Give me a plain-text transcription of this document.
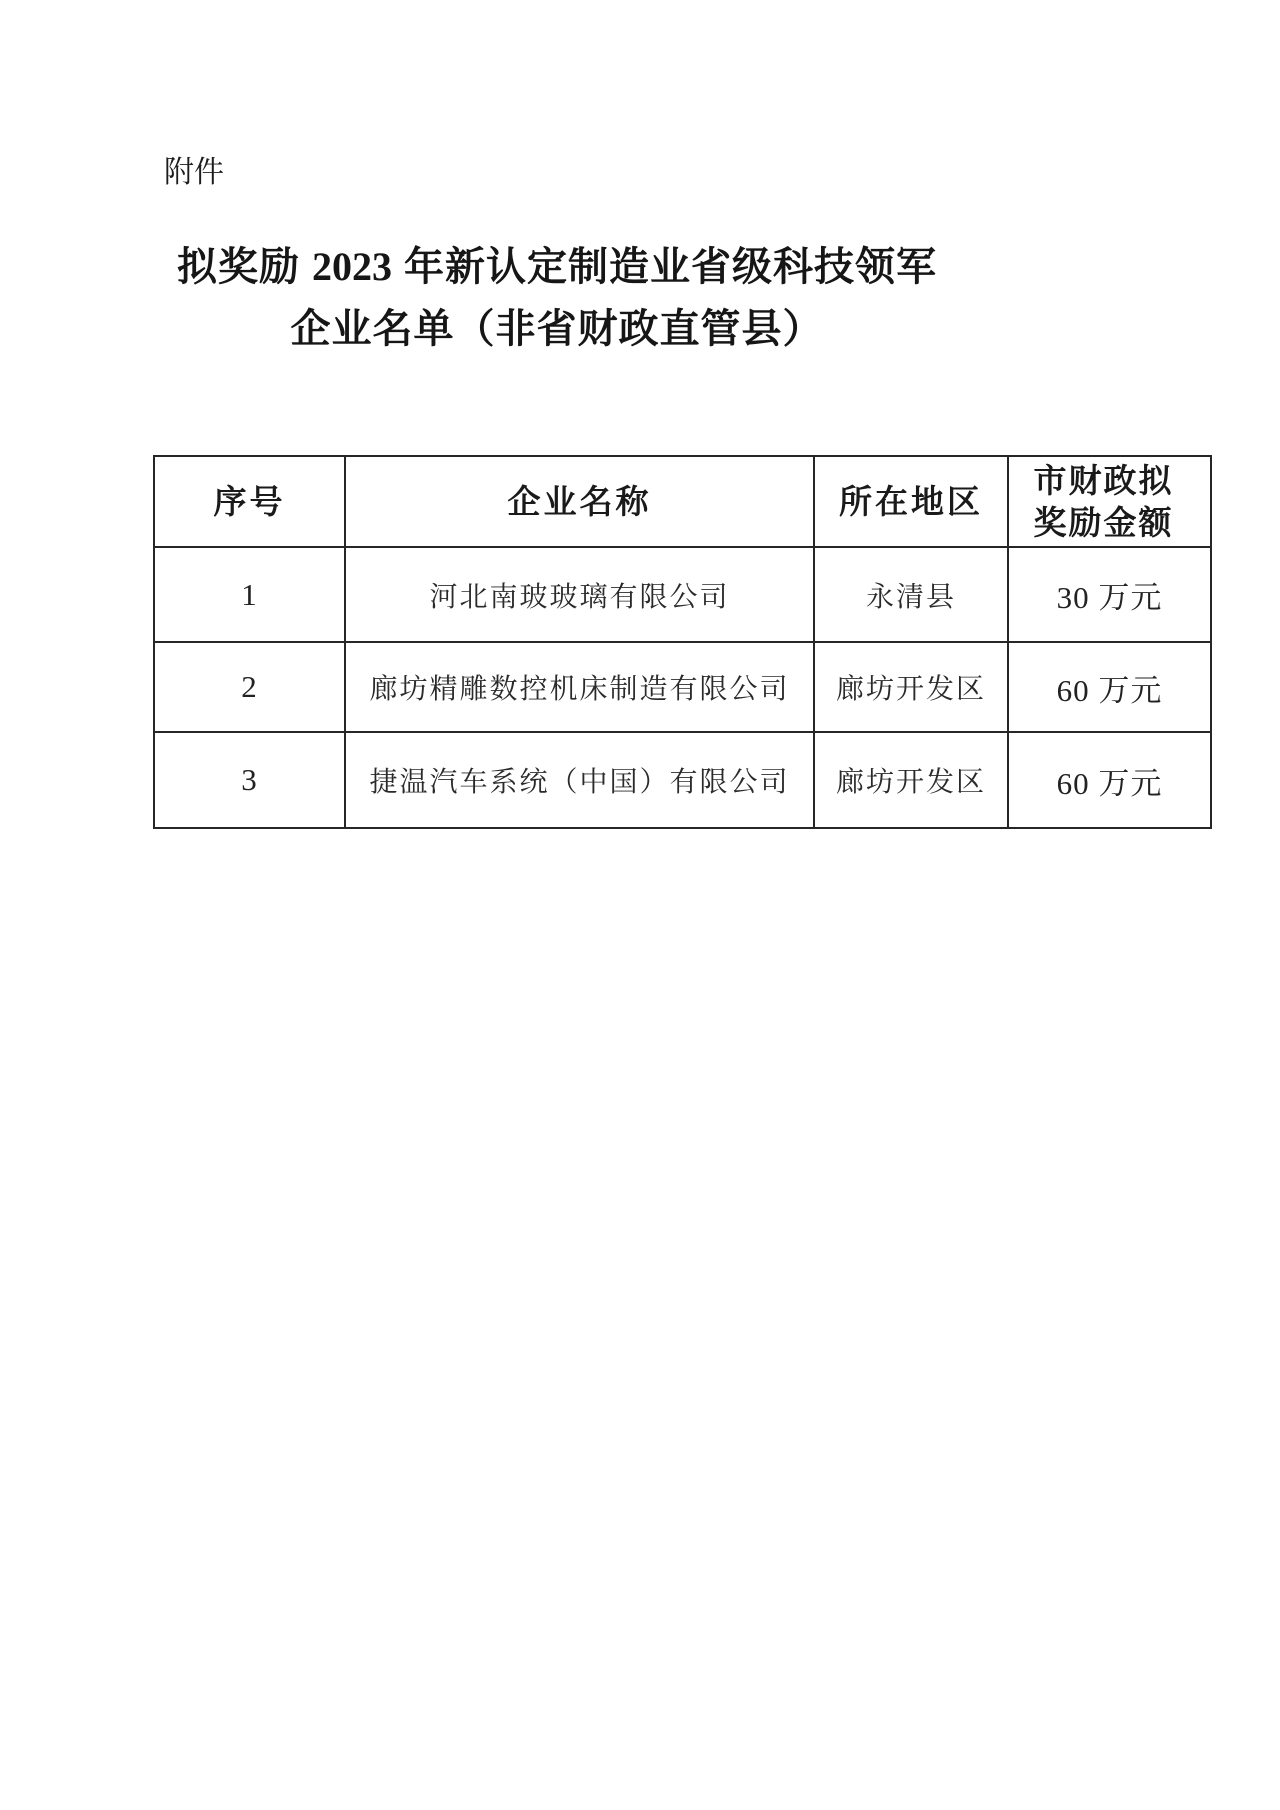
附件
拟奖励 2023 年新认定制造业省级科技领军
企业名单（非省财政直管县）
序号	企业名称	所在地区	市财政拟奖励金额
1	河北南玻玻璃有限公司	永清县	30 万元
2	廊坊精雕数控机床制造有限公司	廊坊开发区	60 万元
3	捷温汽车系统（中国）有限公司	廊坊开发区	60 万元
